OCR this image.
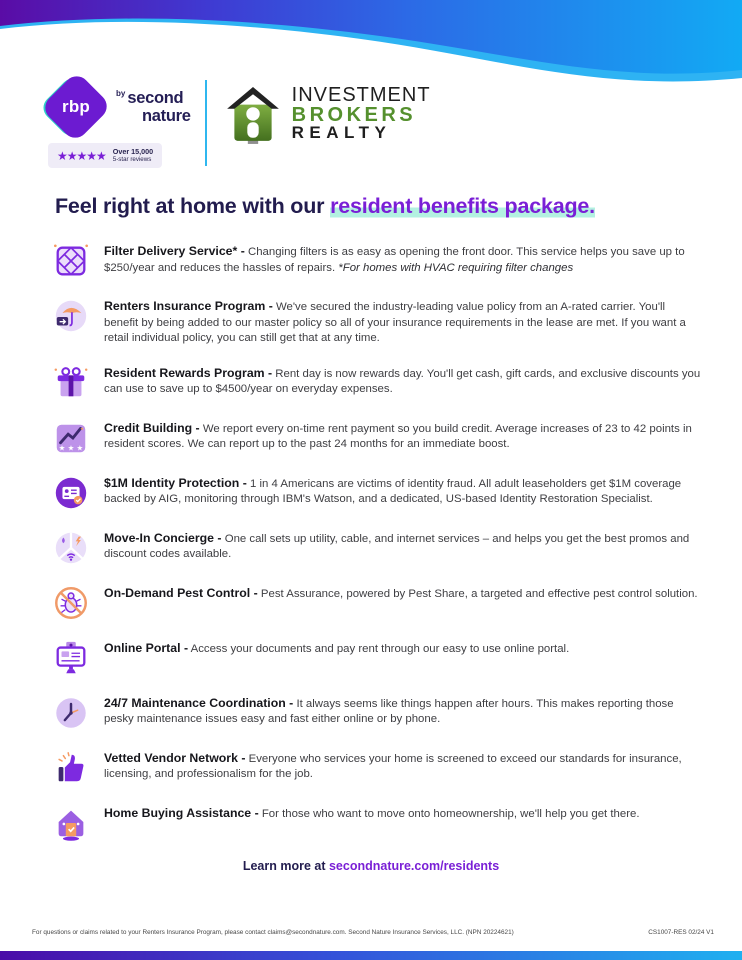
rbp
$^{by}$ second
nature
★★★★★ Over 15,000
5-star reviews
INVESTMENT
BROKERS
REALTY
Feel right at home with our resident benefits package.
Filter Delivery Service* - Changing filters is as easy as opening the front door. This service helps you save up to $250/year and reduces the hassles of repairs. *For homes with HVAC requiring filter changes
Renters Insurance Program - We've secured the industry-leading value policy from an A-rated carrier. You'll benefit by being added to our master policy so all of your insurance requirements in the lease are met. If you want a retail individual policy, you can still get that at any time.
Resident Rewards Program - Rent day is now rewards day. You'll get cash, gift cards, and exclusive discounts you can use to save up to $4500/year on everyday expenses.
★ ★ ★
Credit Building - We report every on-time rent payment so you build credit. Average increases of 23 to 42 points in resident scores. We can report up to the past 24 months for an immediate boost.
$1M Identity Protection - 1 in 4 Americans are victims of identity fraud. All adult leaseholders get $1M coverage backed by AIG, monitoring through IBM's Watson, and a dedicated, US-based Identity Restoration Specialist.
Move-In Concierge - One call sets up utility, cable, and internet services – and helps you get the best promos and discount codes available.
On-Demand Pest Control - Pest Assurance, powered by Pest Share, a targeted and effective pest control solution.
Online Portal - Access your documents and pay rent through our easy to use online portal.
24/7 Maintenance Coordination - It always seems like things happen after hours. This makes reporting those pesky maintenance issues easy and fast either online or by phone.
Vetted Vendor Network - Everyone who services your home is screened to exceed our standards for insurance, licensing, and professionalism for the job.
Home Buying Assistance - For those who want to move onto homeownership, we'll help you get there.
Learn more at secondnature.com/residents
For questions or claims related to your Renters Insurance Program, please contact claims@secondnature.com. Second Nature Insurance Services, LLC. (NPN 20224621)	CS1007-RES 02/24 V1
